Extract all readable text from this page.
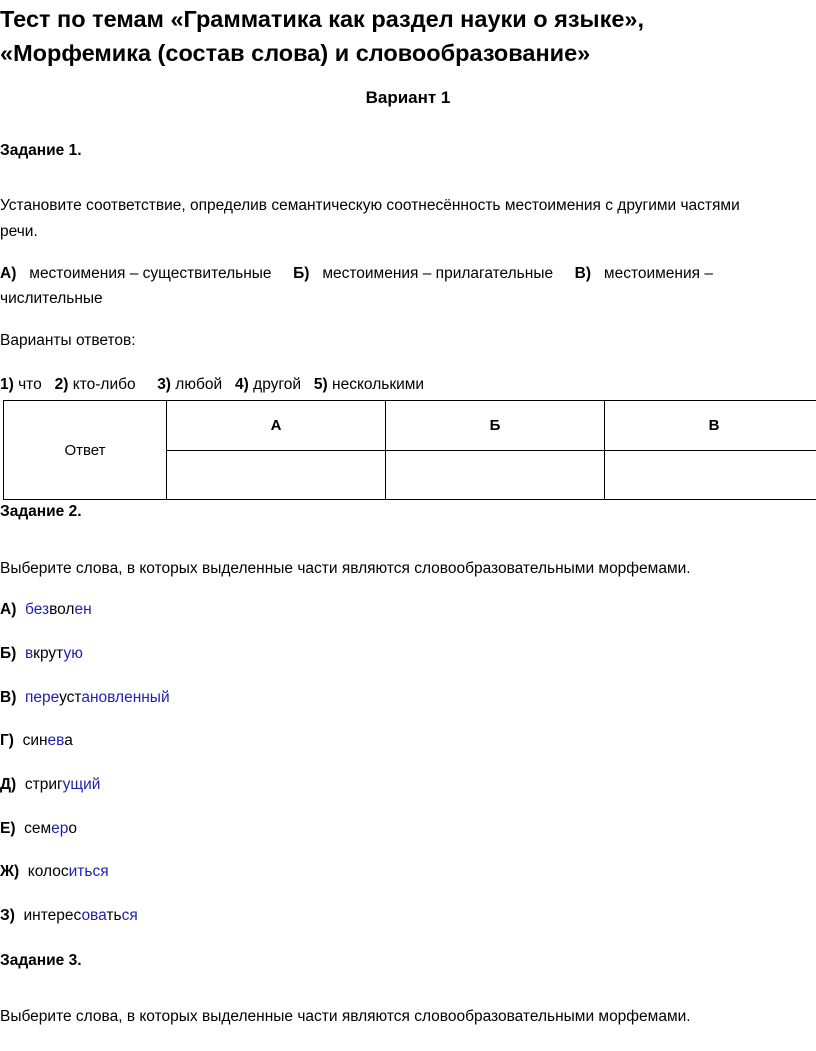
Тест по темам «Грамматика как раздел науки о языке»,
«Морфемика (состав слова) и словообразование»
Вариант 1
Задание 1.
Установите соответствие, определив семантическую соотнесённость местоимения с другими частями
речи.
А) местоимения – существительные Б) местоимения – прилагательные В) местоимения –
числительные
Варианты ответов:
1) что 2) кто-либо 3) любой 4) другой 5) несколькими
Ответ	А	Б	В

Задание 2.
Выберите слова, в которых выделенные части являются словообразовательными морфемами.
А) безволен
Б) вкрутую
В) переустановленный
Г) синева
Д) стригущий
Е) семеро
Ж) колоситься
З) интересоваться
Задание 3.
Выберите слова, в которых выделенные части являются словообразовательными морфемами.
